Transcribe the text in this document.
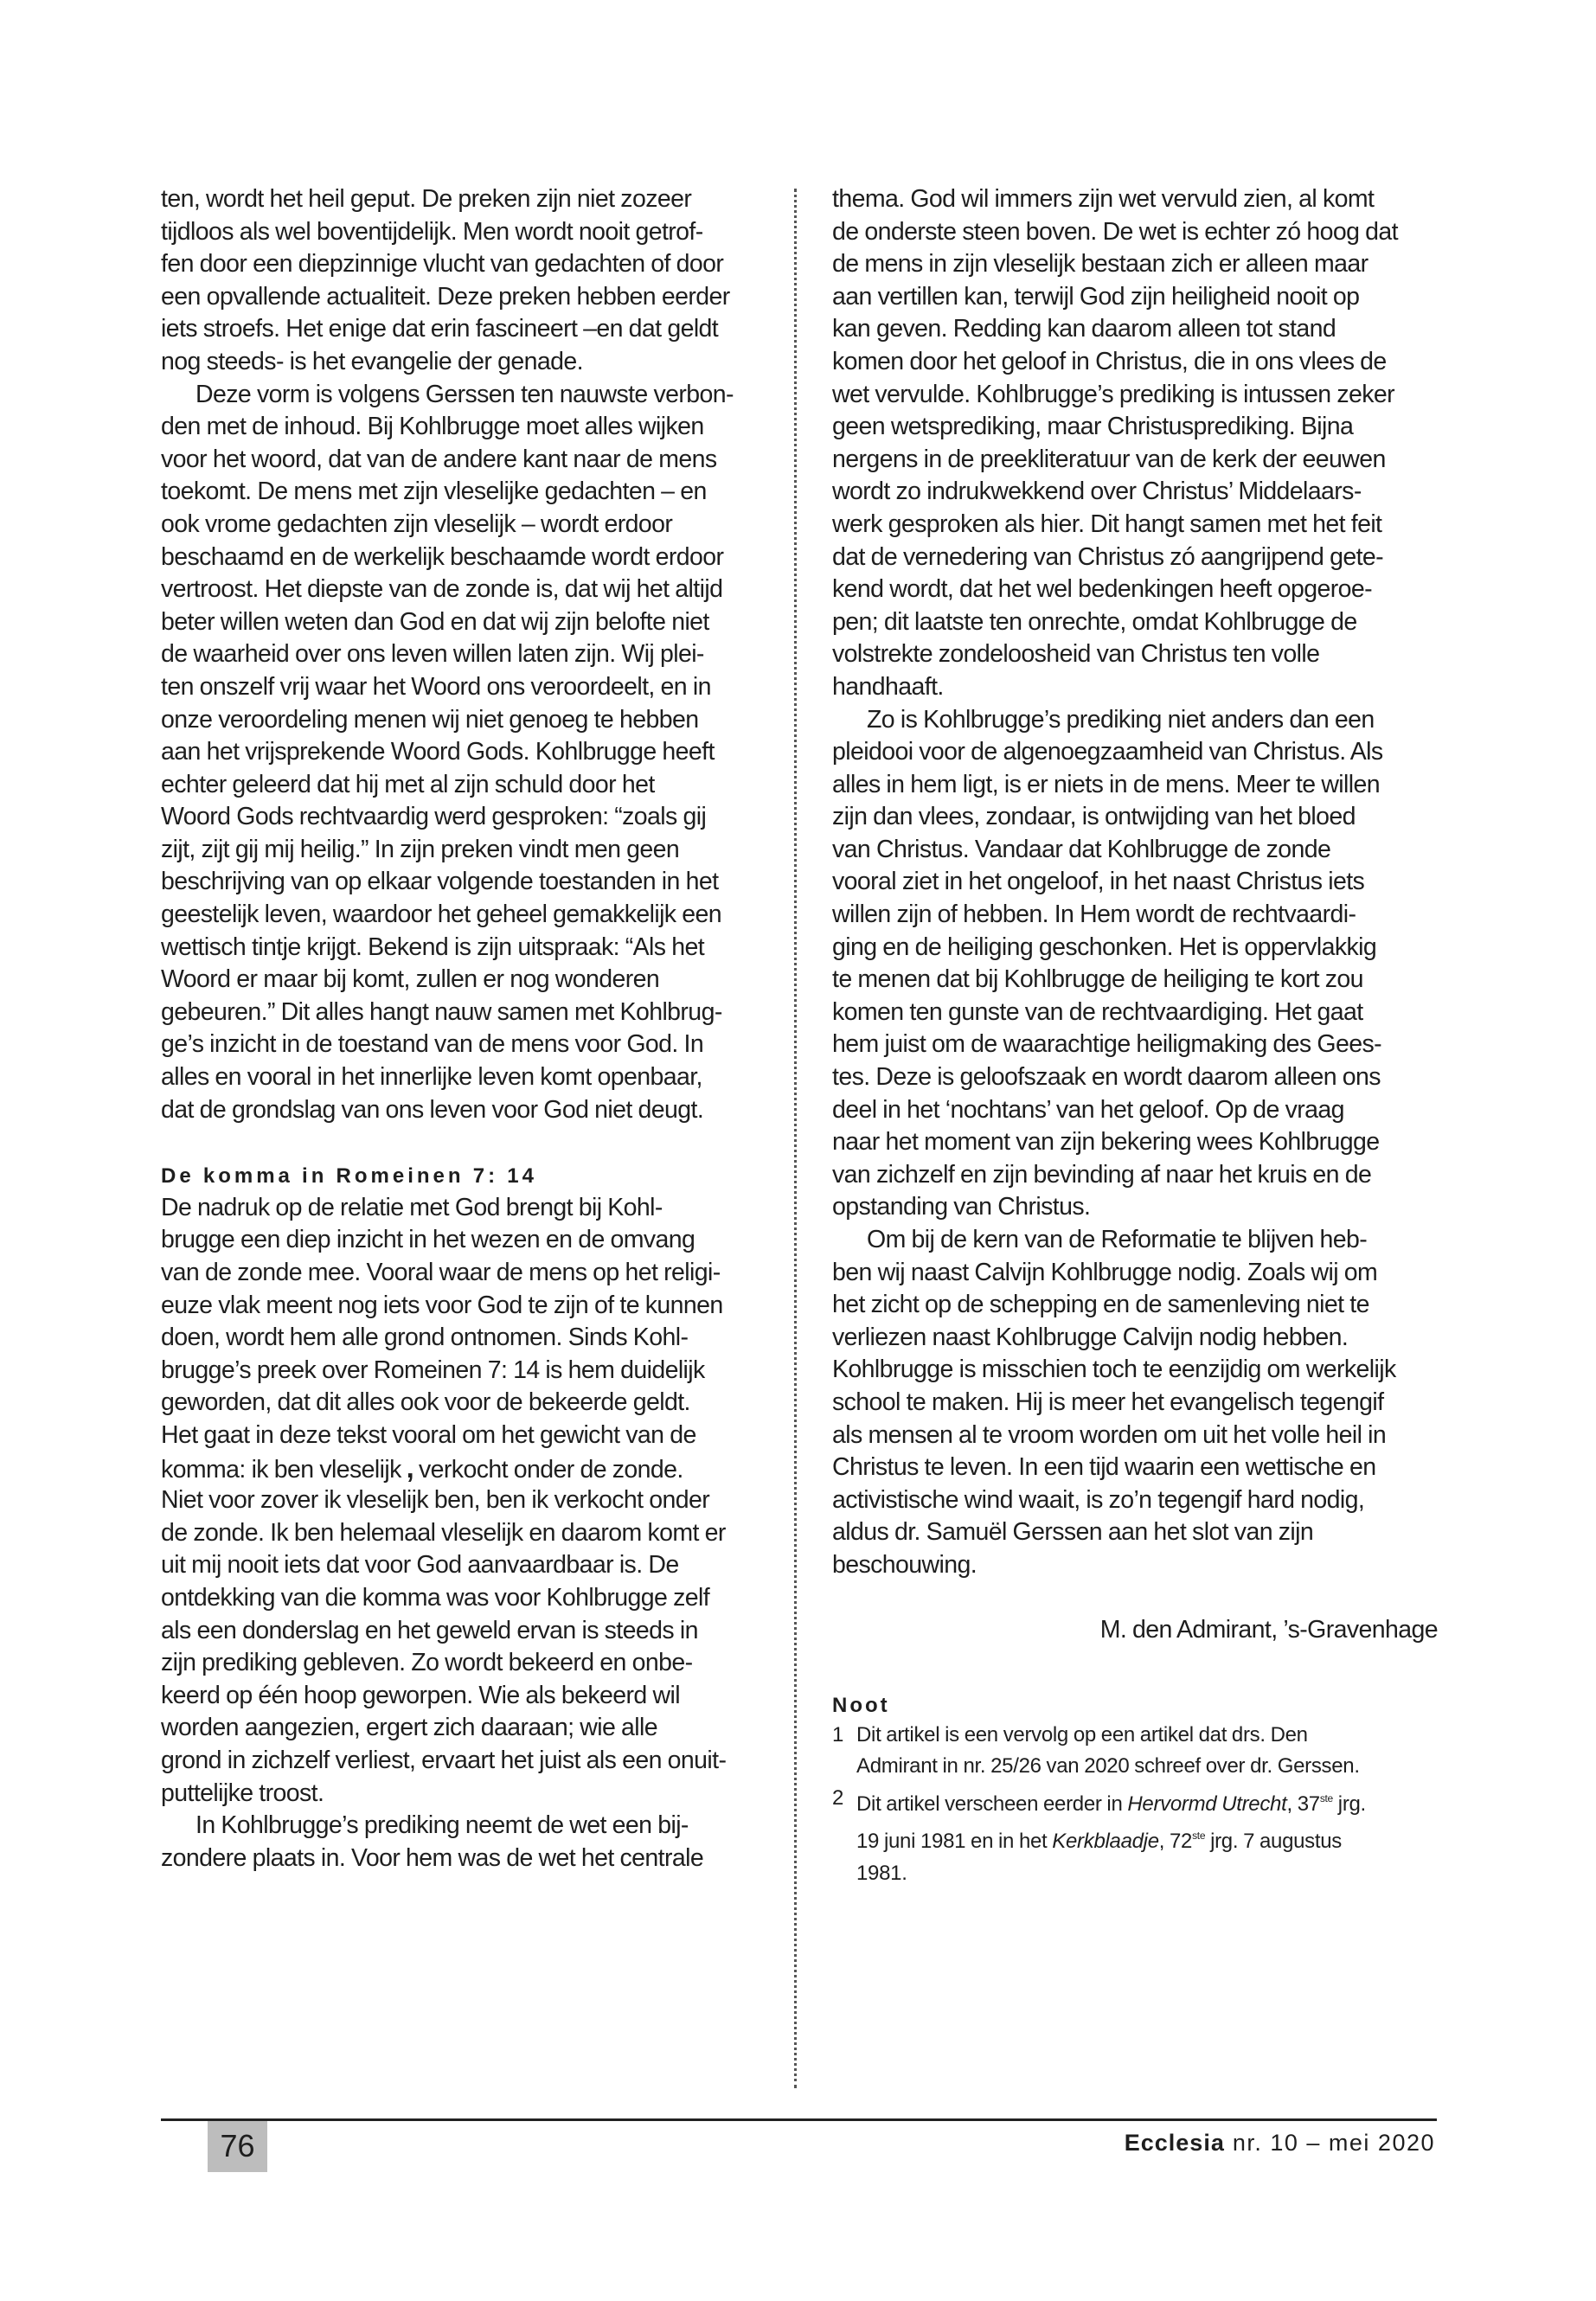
ten, wordt het heil geput. De preken zijn niet zozeer
tijdloos als wel boventijdelijk. Men wordt nooit getrof-
fen door een diepzinnige vlucht van gedachten of door
een opvallende actualiteit. Deze preken hebben eerder
iets stroefs. Het enige dat erin fascineert –en dat geldt
nog steeds- is het evangelie der genade.
Deze vorm is volgens Gerssen ten nauwste verbon-
den met de inhoud. Bij Kohlbrugge moet alles wijken
voor het woord, dat van de andere kant naar de mens
toekomt. De mens met zijn vleselijke gedachten – en
ook vrome gedachten zijn vleselijk – wordt erdoor
beschaamd en de werkelijk beschaamde wordt erdoor
vertroost. Het diepste van de zonde is, dat wij het altijd
beter willen weten dan God en dat wij zijn belofte niet
de waarheid over ons leven willen laten zijn. Wij plei-
ten onszelf vrij waar het Woord ons veroordeelt, en in
onze veroordeling menen wij niet genoeg te hebben
aan het vrijsprekende Woord Gods. Kohlbrugge heeft
echter geleerd dat hij met al zijn schuld door het
Woord Gods rechtvaardig werd gesproken: “zoals gij
zijt, zijt gij mij heilig.” In zijn preken vindt men geen
beschrijving van op elkaar volgende toestanden in het
geestelijk leven, waardoor het geheel gemakkelijk een
wettisch tintje krijgt. Bekend is zijn uitspraak: “Als het
Woord er maar bij komt, zullen er nog wonderen
gebeuren.” Dit alles hangt nauw samen met Kohlbrug-
ge’s inzicht in de toestand van de mens voor God. In
alles en vooral in het innerlijke leven komt openbaar,
dat de grondslag van ons leven voor God niet deugt.
De komma in Romeinen 7: 14
De nadruk op de relatie met God brengt bij Kohl-
brugge een diep inzicht in het wezen en de omvang
van de zonde mee. Vooral waar de mens op het religi-
euze vlak meent nog iets voor God te zijn of te kunnen
doen, wordt hem alle grond ontnomen. Sinds Kohl-
brugge’s preek over Romeinen 7: 14 is hem duidelijk
geworden, dat dit alles ook voor de bekeerde geldt.
Het gaat in deze tekst vooral om het gewicht van de
komma: ik ben vleselijk , verkocht onder de zonde.
Niet voor zover ik vleselijk ben, ben ik verkocht onder
de zonde. Ik ben helemaal vleselijk en daarom komt er
uit mij nooit iets dat voor God aanvaardbaar is. De
ontdekking van die komma was voor Kohlbrugge zelf
als een donderslag en het geweld ervan is steeds in
zijn prediking gebleven. Zo wordt bekeerd en onbe-
keerd op één hoop geworpen. Wie als bekeerd wil
worden aangezien, ergert zich daaraan; wie alle
grond in zichzelf verliest, ervaart het juist als een onuit-
puttelijke troost.
In Kohlbrugge’s prediking neemt de wet een bij-
zondere plaats in. Voor hem was de wet het centrale
thema. God wil immers zijn wet vervuld zien, al komt
de onderste steen boven. De wet is echter zó hoog dat
de mens in zijn vleselijk bestaan zich er alleen maar
aan vertillen kan, terwijl God zijn heiligheid nooit op
kan geven. Redding kan daarom alleen tot stand
komen door het geloof in Christus, die in ons vlees de
wet vervulde. Kohlbrugge’s prediking is intussen zeker
geen wetsprediking, maar Christusprediking. Bijna
nergens in de preekliteratuur van de kerk der eeuwen
wordt zo indrukwekkend over Christus’ Middelaars-
werk gesproken als hier. Dit hangt samen met het feit
dat de vernedering van Christus zó aangrijpend gete-
kend wordt, dat het wel bedenkingen heeft opgeroe-
pen; dit laatste ten onrechte, omdat Kohlbrugge de
volstrekte zondeloosheid van Christus ten volle
handhaaft.
Zo is Kohlbrugge’s prediking niet anders dan een
pleidooi voor de algenoegzaamheid van Christus. Als
alles in hem ligt, is er niets in de mens. Meer te willen
zijn dan vlees, zondaar, is ontwijding van het bloed
van Christus. Vandaar dat Kohlbrugge de zonde
vooral ziet in het ongeloof, in het naast Christus iets
willen zijn of hebben. In Hem wordt de rechtvaardi-
ging en de heiliging geschonken. Het is oppervlakkig
te menen dat bij Kohlbrugge de heiliging te kort zou
komen ten gunste van de rechtvaardiging. Het gaat
hem juist om de waarachtige heiligmaking des Gees-
tes. Deze is geloofszaak en wordt daarom alleen ons
deel in het ‘nochtans’ van het geloof. Op de vraag
naar het moment van zijn bekering wees Kohlbrugge
van zichzelf en zijn bevinding af naar het kruis en de
opstanding van Christus.
Om bij de kern van de Reformatie te blijven heb-
ben wij naast Calvijn Kohlbrugge nodig. Zoals wij om
het zicht op de schepping en de samenleving niet te
verliezen naast Kohlbrugge Calvijn nodig hebben.
Kohlbrugge is misschien toch te eenzijdig om werkelijk
school te maken. Hij is meer het evangelisch tegengif
als mensen al te vroom worden om uit het volle heil in
Christus te leven. In een tijd waarin een wettische en
activistische wind waait, is zo’n tegengif hard nodig,
aldus dr. Samuël Gerssen aan het slot van zijn
beschouwing.
M. den Admirant, ’s-Gravenhage
Noot
1 Dit artikel is een vervolg op een artikel dat drs. Den
Admirant in nr. 25/26 van 2020 schreef over dr. Gerssen.
2 Dit artikel verscheen eerder in Hervormd Utrecht, 37ste jrg.
19 juni 1981 en in het Kerkblaadje, 72ste jrg. 7 augustus
1981.
76	Ecclesia nr. 10 – mei 2020
